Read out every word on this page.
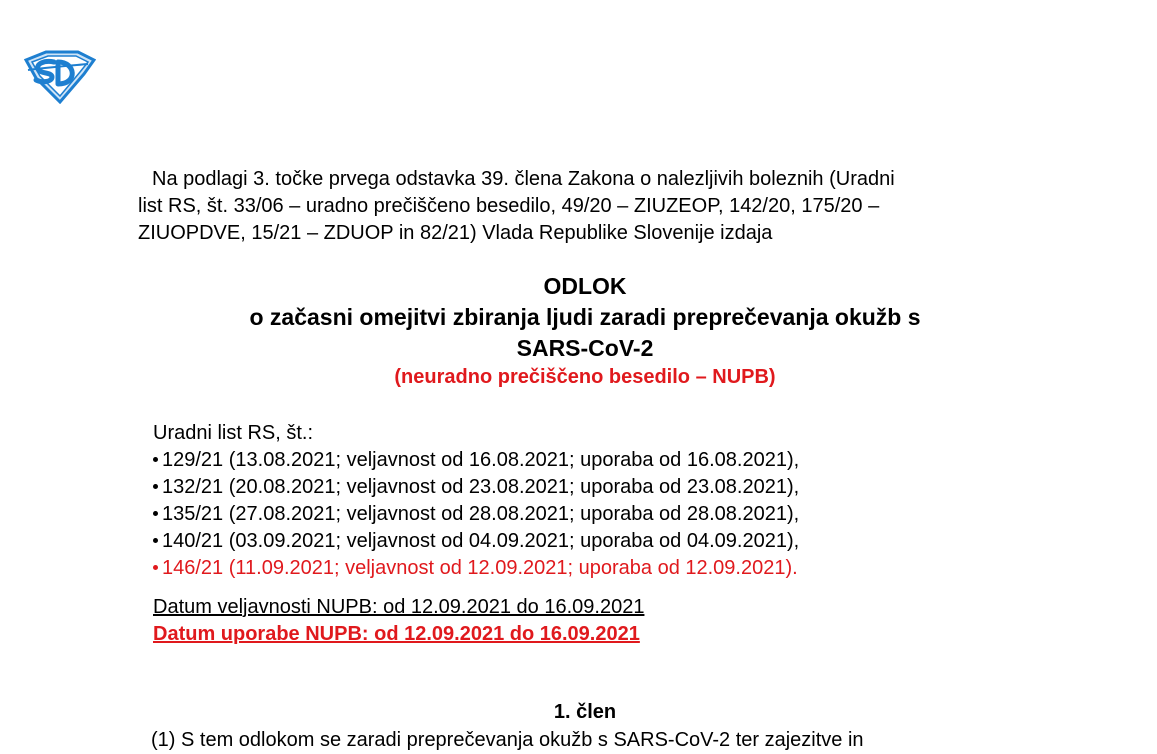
Na podlagi 3. točke prvega odstavka 39. člena Zakona o nalezljivih boleznih (Uradni
list RS, št. 33/06 – uradno prečiščeno besedilo, 49/20 – ZIUZEOP, 142/20, 175/20 –
ZIUOPDVE, 15/21 – ZDUOP in 82/21) Vlada Republike Slovenije izdaja
ODLOK
o začasni omejitvi zbiranja ljudi zaradi preprečevanja okužb s
SARS-CoV-2
(neuradno prečiščeno besedilo – NUPB)
Uradni list RS, št.:
129/21 (13.08.2021; veljavnost od 16.08.2021; uporaba od 16.08.2021),
132/21 (20.08.2021; veljavnost od 23.08.2021; uporaba od 23.08.2021),
135/21 (27.08.2021; veljavnost od 28.08.2021; uporaba od 28.08.2021),
140/21 (03.09.2021; veljavnost od 04.09.2021; uporaba od 04.09.2021),
146/21 (11.09.2021; veljavnost od 12.09.2021; uporaba od 12.09.2021).
Datum veljavnosti NUPB: od 12.09.2021 do 16.09.2021
Datum uporabe NUPB: od 12.09.2021 do 16.09.2021
1. člen
(1) S tem odlokom se zaradi preprečevanja okužb s SARS-CoV-2 ter zajezitve in
